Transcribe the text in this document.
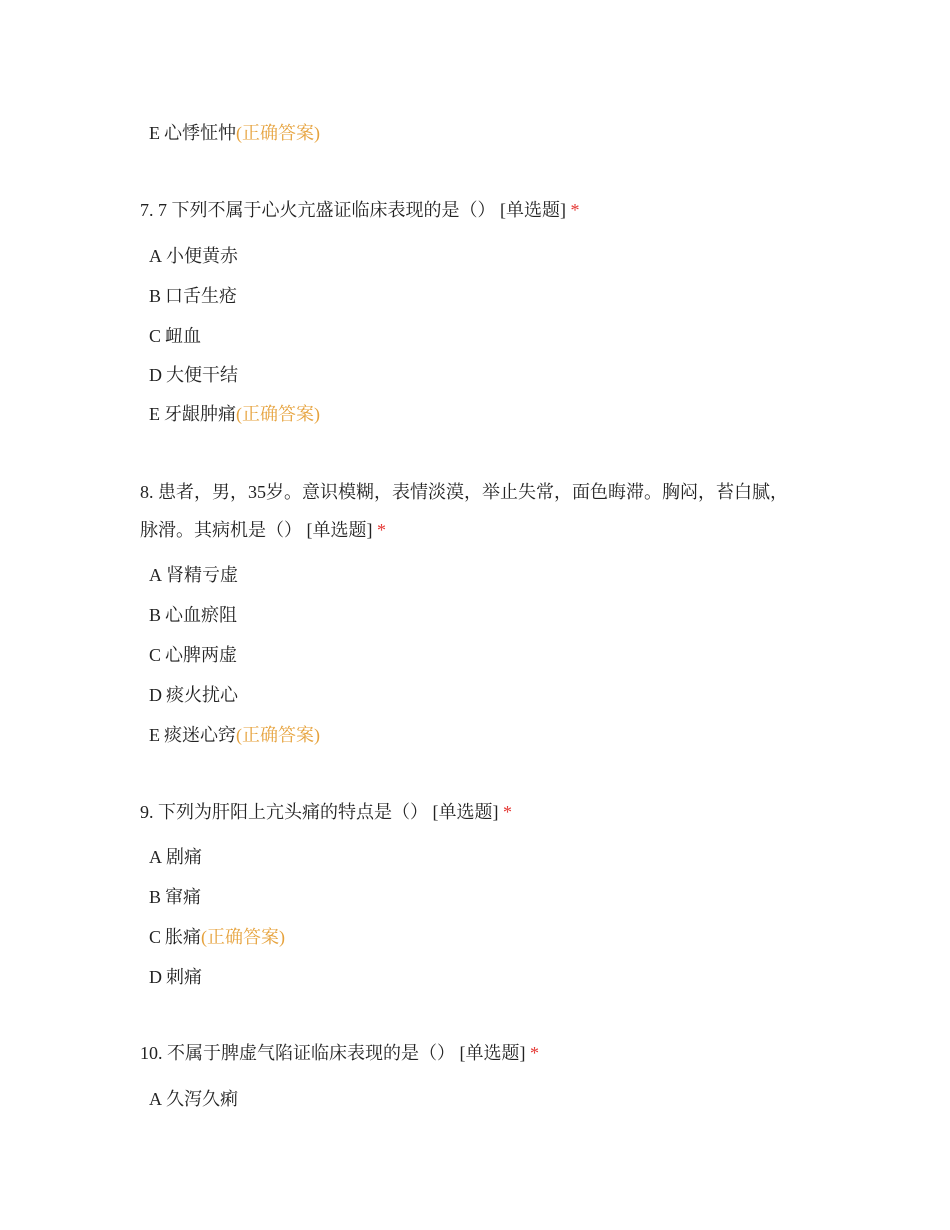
E 心悸怔忡(正确答案)
7. 7 下列不属于心火亢盛证临床表现的是（） [单选题] *
A 小便黄赤
B 口舌生疮
C 衄血
D 大便干结
E 牙龈肿痛(正确答案)
8. 患者，男，35岁。意识模糊，表情淡漠，举止失常，面色晦滞。胸闷，苔白腻，脉滑。其病机是（） [单选题] *
A 肾精亏虚
B 心血瘀阻
C 心脾两虚
D 痰火扰心
E 痰迷心窍(正确答案)
9. 下列为肝阳上亢头痛的特点是（） [单选题] *
A 剧痛
B 窜痛
C 胀痛(正确答案)
D 刺痛
10. 不属于脾虚气陷证临床表现的是（） [单选题] *
A 久泻久痢
